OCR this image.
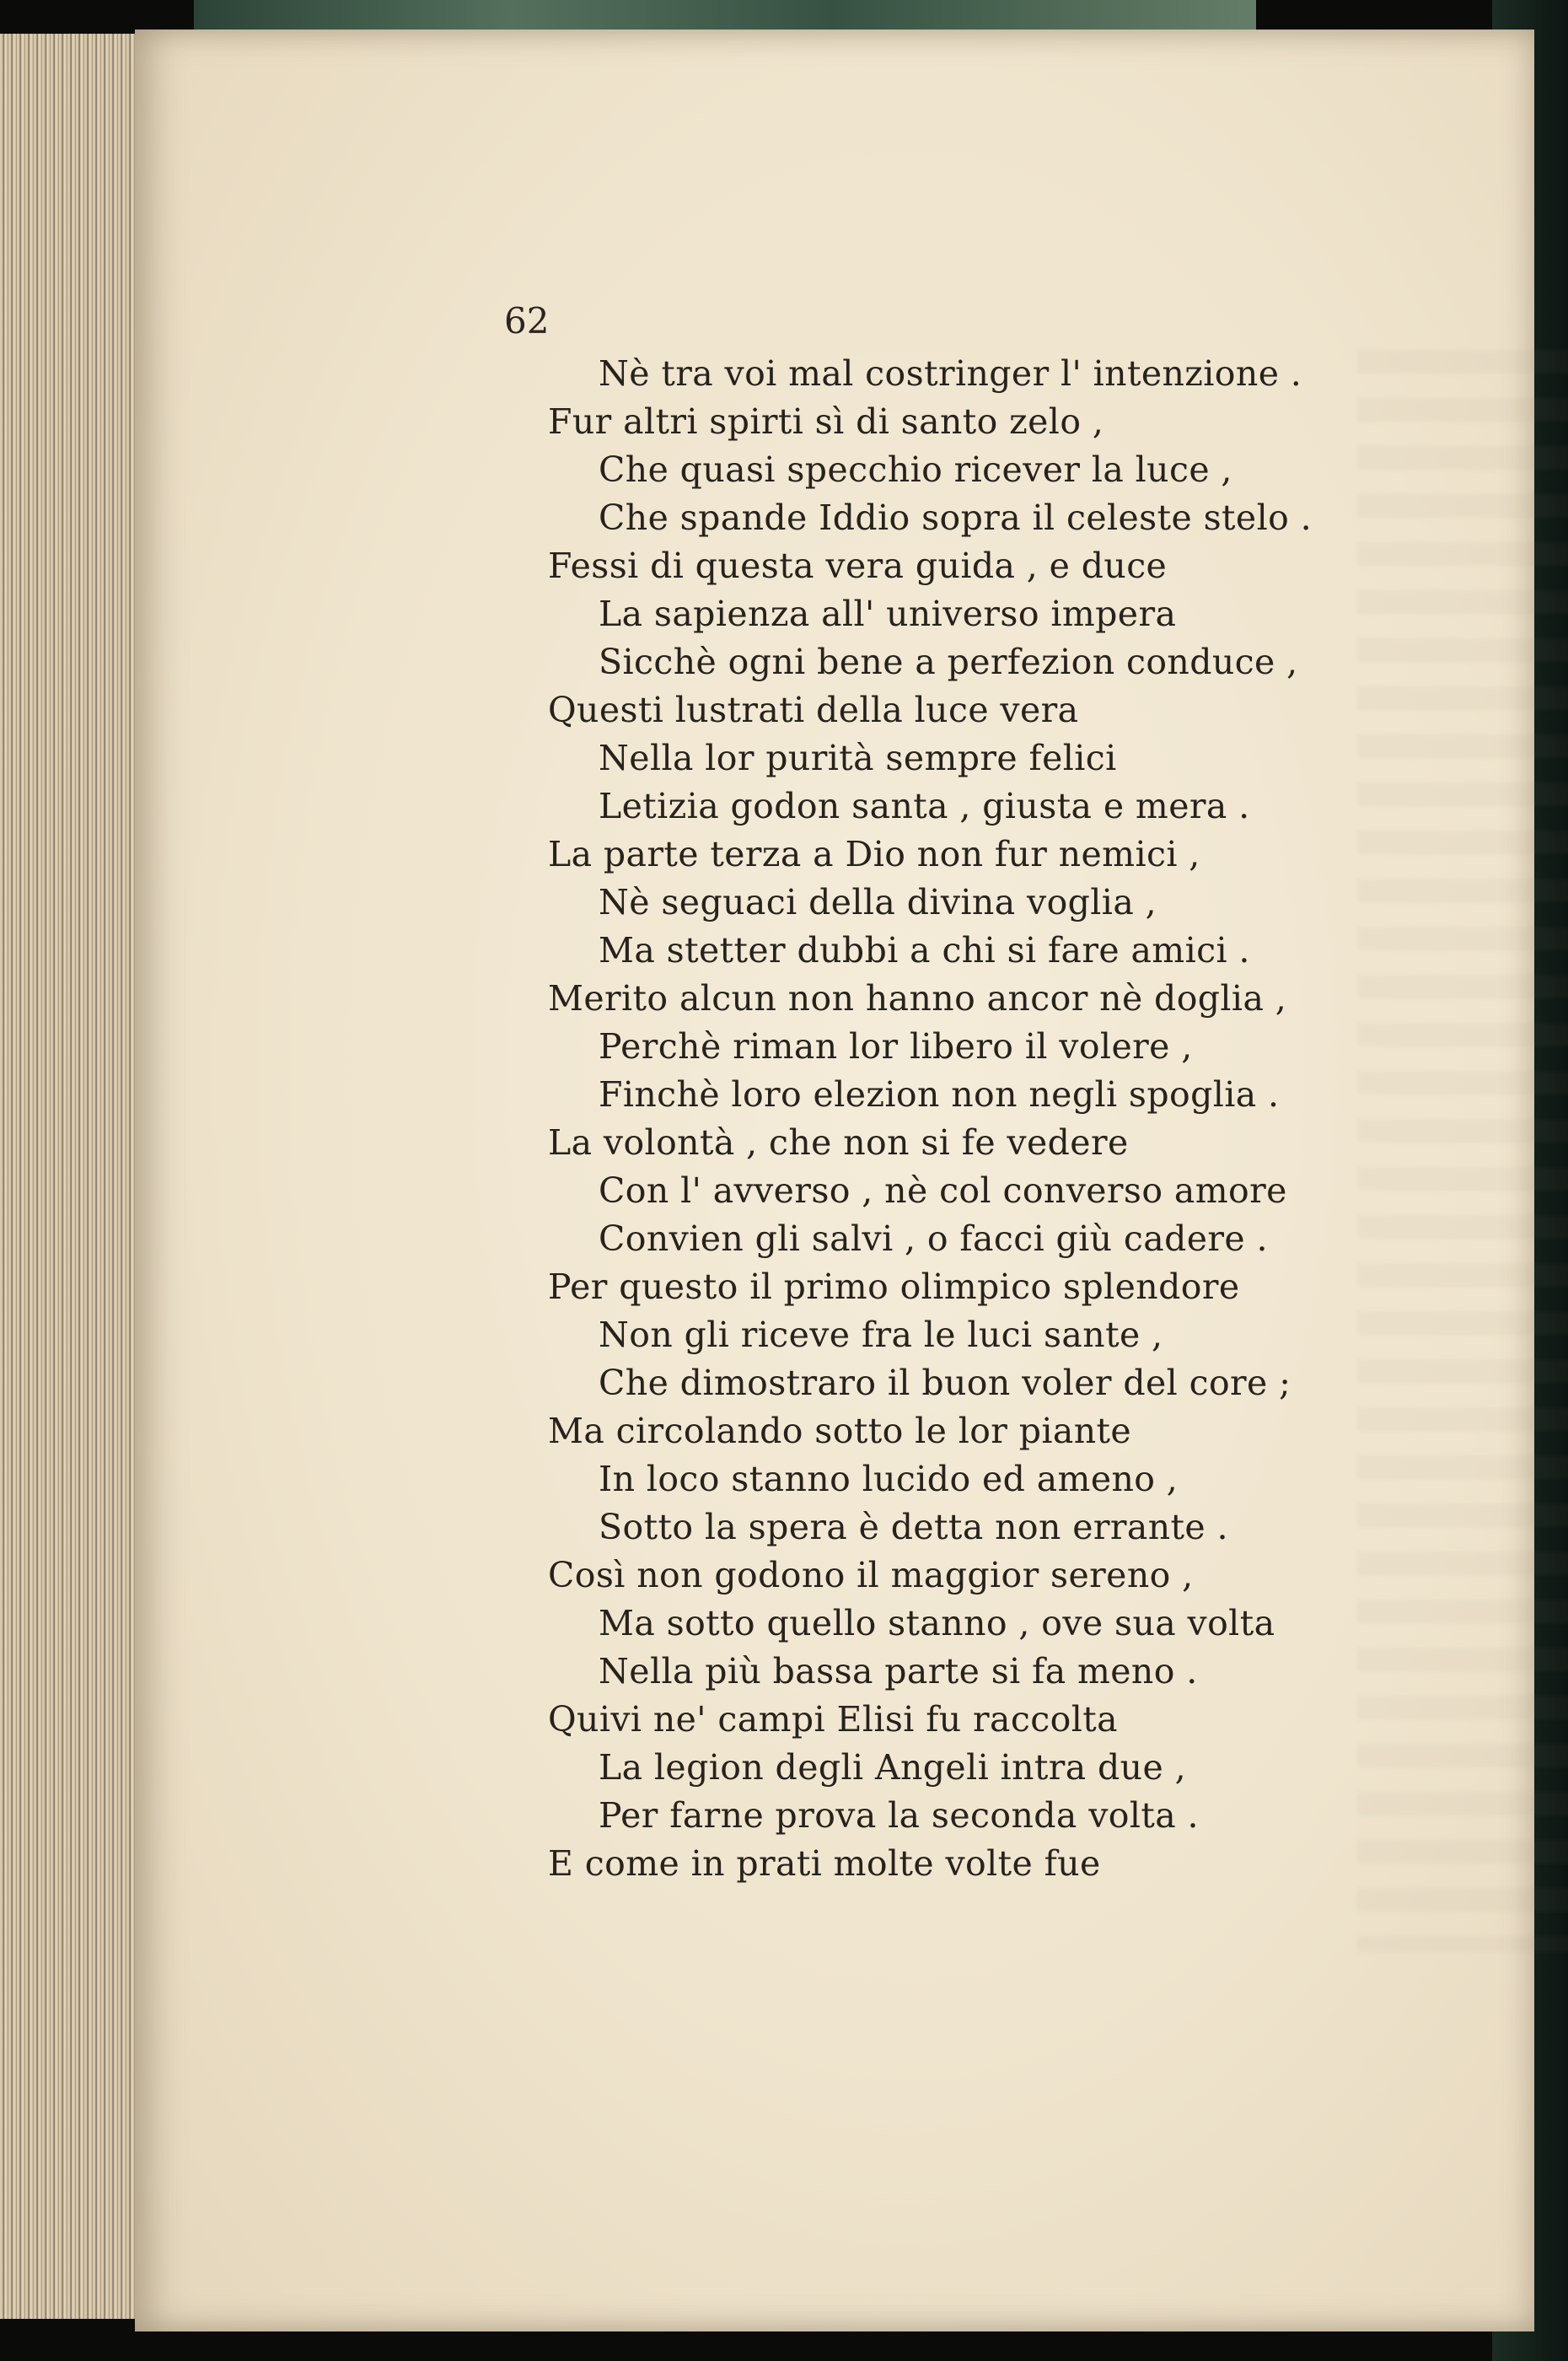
62
Nè tra voi mal costringer l' intenzione .
Fur altri spirti sì di santo zelo ,
Che quasi specchio ricever la luce ,
Che spande Iddio sopra il celeste stelo .
Fessi di questa vera guida , e duce
La sapienza all' universo impera
Sicchè ogni bene a perfezion conduce ,
Questi lustrati della luce vera
Nella lor purità sempre felici
Letizia godon santa , giusta e mera .
La parte terza a Dio non fur nemici ,
Nè seguaci della divina voglia ,
Ma stetter dubbi a chi si fare amici .
Merito alcun non hanno ancor nè doglia ,
Perchè riman lor libero il volere ,
Finchè loro elezion non negli spoglia .
La volontà , che non si fe vedere
Con l' avverso , nè col converso amore
Convien gli salvi , o facci giù cadere .
Per questo il primo olimpico splendore
Non gli riceve fra le luci sante ,
Che dimostraro il buon voler del core ;
Ma circolando sotto le lor piante
In loco stanno lucido ed ameno ,
Sotto la spera è detta non errante .
Così non godono il maggior sereno ,
Ma sotto quello stanno , ove sua volta
Nella più bassa parte si fa meno .
Quivi ne' campi Elisi fu raccolta
La legion degli Angeli intra due ,
Per farne prova la seconda volta .
E come in prati molte volte fue
